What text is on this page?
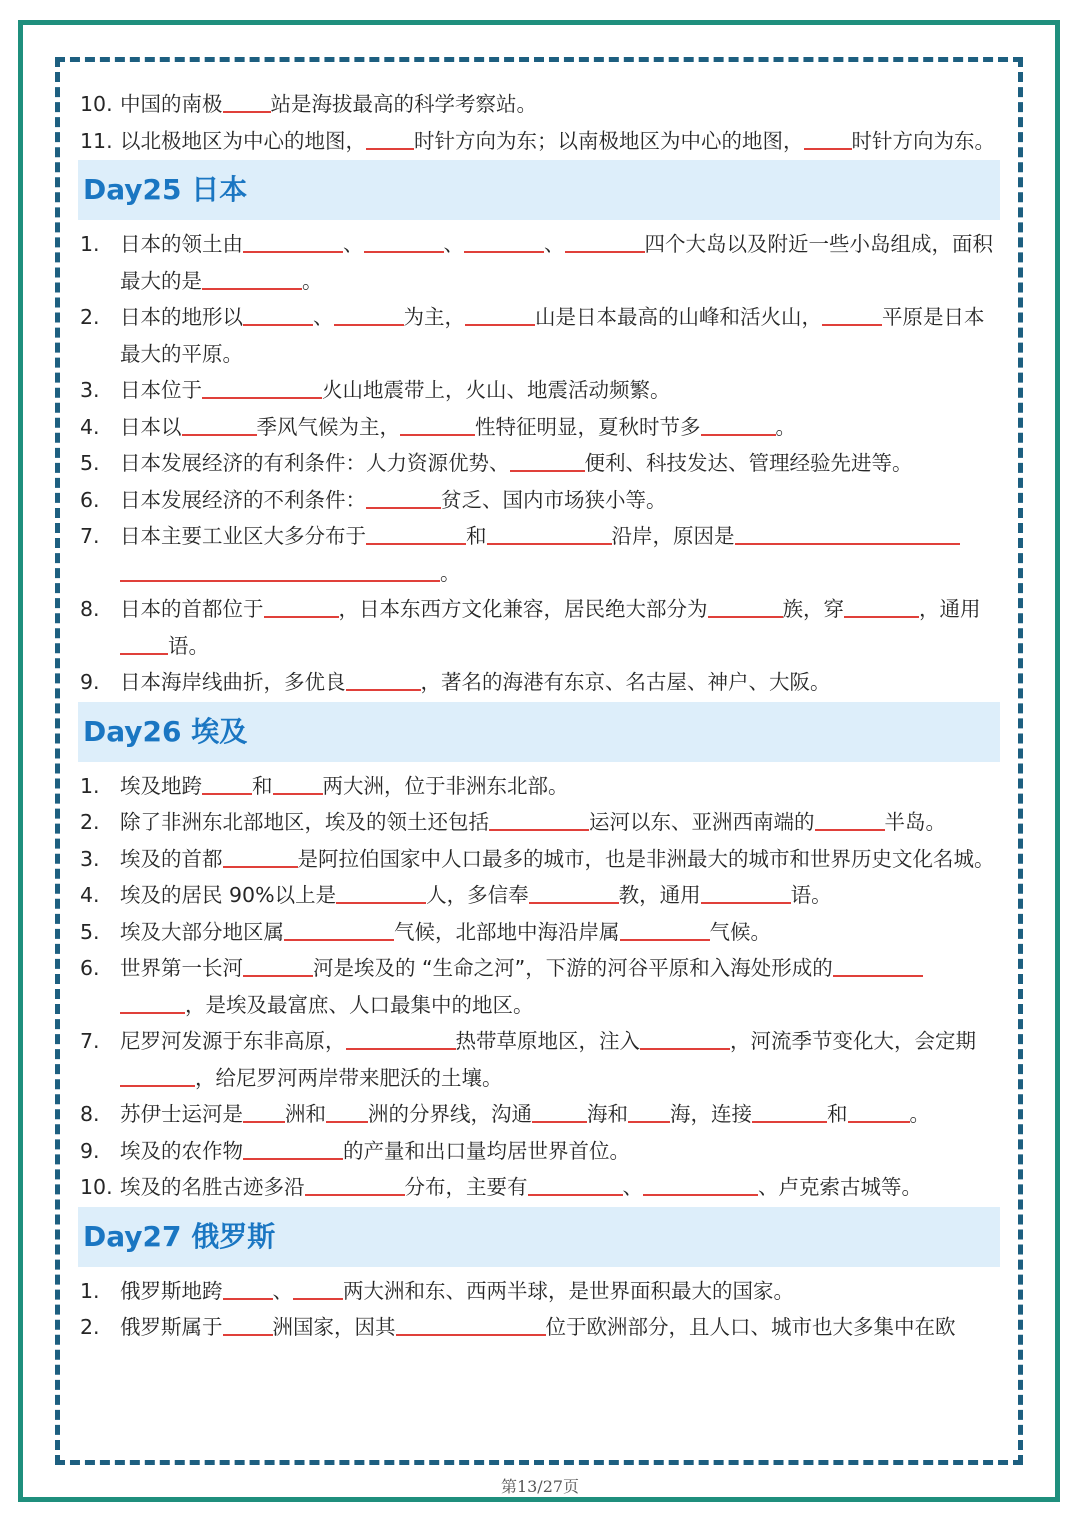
10. 中国的南极 站是海拔最高的科学考察站。
11. 以北极地区为中心的地图， 时针方向为东；以南极地区为中心的地图， 时针方向为东。
Day25 日本
1. 日本的领土由	、	、	、	四个大岛以及附近一些小岛组成，面积最大的是	。
2. 日本的地形以	、	为主，	山是日本最高的山峰和活火山，	平原是日本最大的平原。
3. 日本位于	火山地震带上，火山、地震活动频繁。
4. 日本以	季风气候为主，	性特征明显，夏秋时节多	。
5. 日本发展经济的有利条件：人力资源优势、	便利、科技发达、管理经验先进等。
6. 日本发展经济的不利条件：	贫乏、国内市场狭小等。
7. 日本主要工业区大多分布于	和	沿岸，原因是
。
8. 日本的首都位于	，日本东西方文化兼容，居民绝大部分为	族，穿	，通用语。
9. 日本海岸线曲折，多优良	，著名的海港有东京、名古屋、神户、大阪。
Day26 埃及
1. 埃及地跨 和 两大洲，位于非洲东北部。
2. 除了非洲东北部地区，埃及的领土还包括	运河以东、亚洲西南端的	半岛。
3. 埃及的首都	是阿拉伯国家中人口最多的城市，也是非洲最大的城市和世界历史文化名城。
4. 埃及的居民 90%以上是	人，多信奉	教，通用	语。
5. 埃及大部分地区属	气候，北部地中海沿岸属	气候。
6. 世界第一长河	河是埃及的 “生命之河”，下游的河谷平原和入海处形成的
，是埃及最富庶、人口最集中的地区。
7. 尼罗河发源于东非高原，	热带草原地区，注入	，河流季节变化大，会定期，给尼罗河两岸带来肥沃的土壤。
8. 苏伊士运河是 洲和 洲的分界线，沟通	海和 海，连接	和	。
9. 埃及的农作物	的产量和出口量均居世界首位。
10. 埃及的名胜古迹多沿	分布，主要有	、	、卢克索古城等。
Day27 俄罗斯
1. 俄罗斯地跨 、 两大洲和东、西两半球，是世界面积最大的国家。
2. 俄罗斯属于 洲国家，因其	位于欧洲部分，且人口、城市也大多集中在欧
第13/27页
